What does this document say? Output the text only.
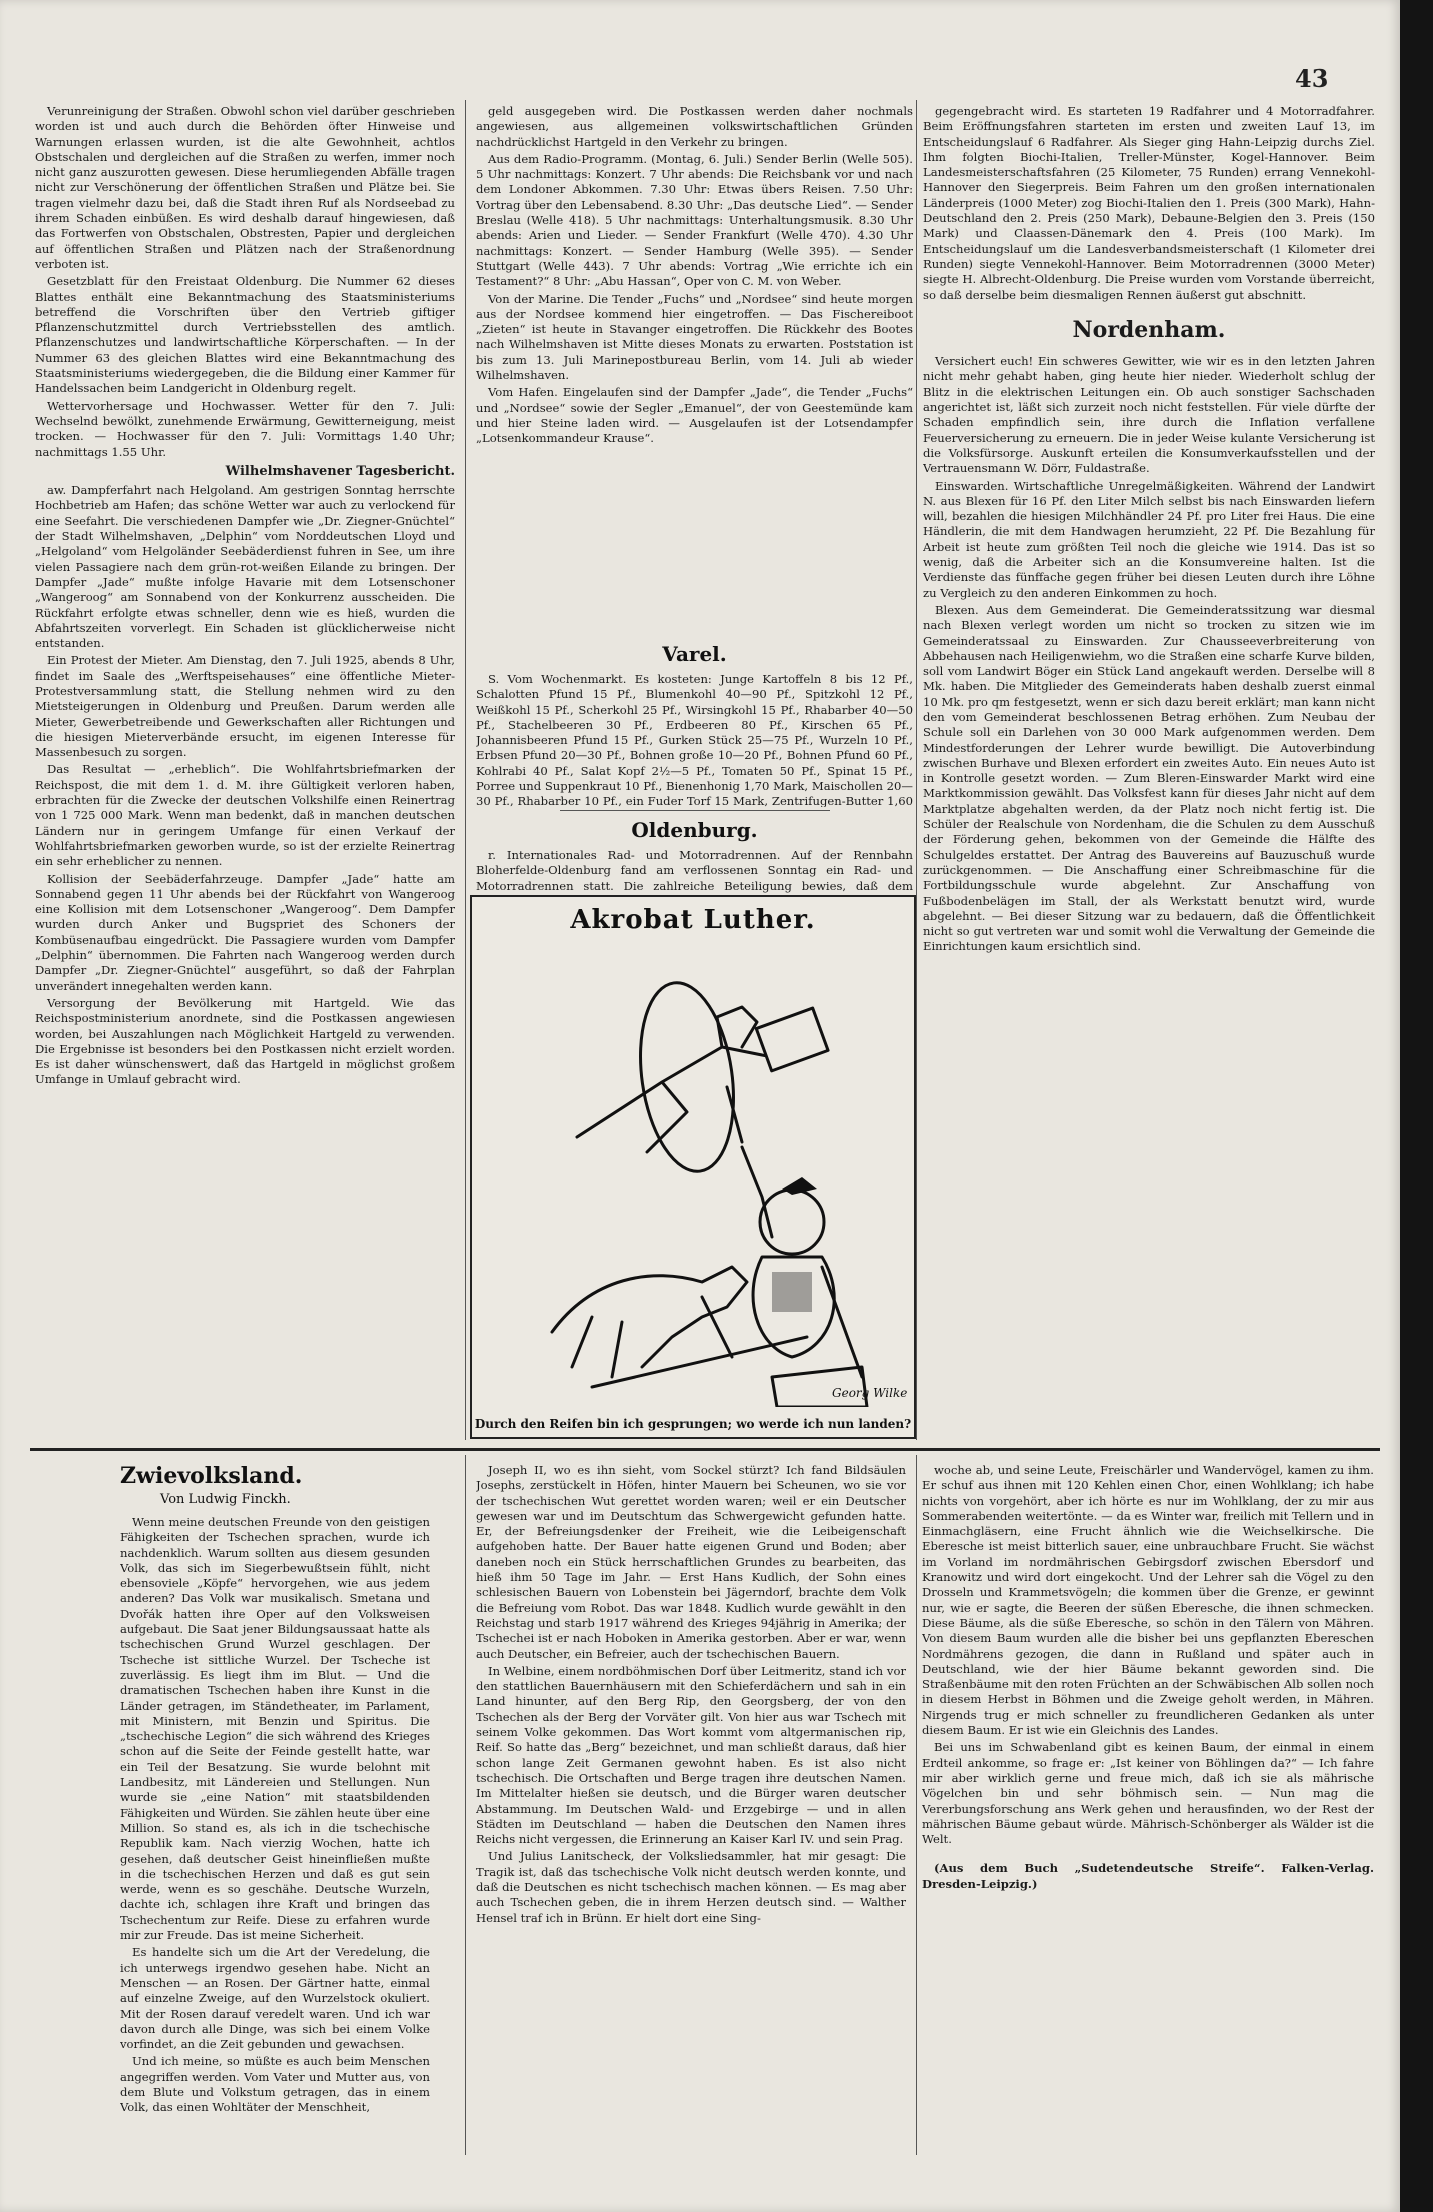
43

Verunreinigung der Straßen. Obwohl schon viel darüber geschrieben worden ist und auch durch die Behörden öfter Hinweise und Warnungen erlassen wurden, ist die alte Gewohnheit, achtlos Obstschalen und dergleichen auf die Straßen zu werfen, immer noch nicht ganz auszurotten gewesen. Diese herumliegenden Abfälle tragen nicht zur Verschönerung der öffentlichen Straßen und Plätze bei. Sie tragen vielmehr dazu bei, daß die Stadt ihren Ruf als Nordseebad zu ihrem Schaden einbüßen. Es wird deshalb darauf hingewiesen, daß das Fortwerfen von Obstschalen, Obstresten, Papier und dergleichen auf öffentlichen Straßen und Plätzen nach der Straßenordnung verboten ist.

Gesetzblatt für den Freistaat Oldenburg. Die Nummer 62 dieses Blattes enthält eine Bekanntmachung des Staatsministeriums betreffend die Vorschriften über den Vertrieb giftiger Pflanzenschutzmittel durch Vertriebsstellen des amtlich. Pflanzenschutzes und landwirtschaftliche Körperschaften. — In der Nummer 63 des gleichen Blattes wird eine Bekanntmachung des Staatsministeriums wiedergegeben, die die Bildung einer Kammer für Handelssachen beim Landgericht in Oldenburg regelt.

Wettervorhersage und Hochwasser. Wetter für den 7. Juli: Wechselnd bewölkt, zunehmende Erwärmung, Gewitterneigung, meist trocken. — Hochwasser für den 7. Juli: Vormittags 1.40 Uhr; nachmittags 1.55 Uhr.

Wilhelmshavener Tagesbericht.

aw. Dampferfahrt nach Helgoland. Am gestrigen Sonntag herrschte Hochbetrieb am Hafen; das schöne Wetter war auch zu verlockend für eine Seefahrt. Die verschiedenen Dampfer wie „Dr. Ziegner-Gnüchtel“ der Stadt Wilhelmshaven, „Delphin“ vom Norddeutschen Lloyd und „Helgoland“ vom Helgoländer Seebäderdienst fuhren in See, um ihre vielen Passagiere nach dem grün-rot-weißen Eilande zu bringen. Der Dampfer „Jade“ mußte infolge Havarie mit dem Lotsenschoner „Wangeroog“ am Sonnabend von der Konkurrenz ausscheiden. Die Rückfahrt erfolgte etwas schneller, denn wie es hieß, wurden die Abfahrtszeiten vorverlegt. Ein Schaden ist glücklicherweise nicht entstanden.

Ein Protest der Mieter. Am Dienstag, den 7. Juli 1925, abends 8 Uhr, findet im Saale des „Werftspeisehauses“ eine öffentliche Mieter-Protestversammlung statt, die Stellung nehmen wird zu den Mietsteigerungen in Oldenburg und Preußen. Darum werden alle Mieter, Gewerbetreibende und Gewerkschaften aller Richtungen und die hiesigen Mieterverbände ersucht, im eigenen Interesse für Massenbesuch zu sorgen.

Das Resultat — „erheblich“. Die Wohlfahrtsbriefmarken der Reichspost, die mit dem 1. d. M. ihre Gültigkeit verloren haben, erbrachten für die Zwecke der deutschen Volkshilfe einen Reinertrag von 1 725 000 Mark. Wenn man bedenkt, daß in manchen deutschen Ländern nur in geringem Umfange für einen Verkauf der Wohlfahrtsbriefmarken geworben wurde, so ist der erzielte Reinertrag ein sehr erheblicher zu nennen.

Kollision der Seebäderfahrzeuge. Dampfer „Jade“ hatte am Sonnabend gegen 11 Uhr abends bei der Rückfahrt von Wangeroog eine Kollision mit dem Lotsenschoner „Wangeroog“. Dem Dampfer wurden durch Anker und Bugspriet des Schoners der Kombüsenaufbau eingedrückt. Die Passagiere wurden vom Dampfer „Delphin“ übernommen. Die Fahrten nach Wangeroog werden durch Dampfer „Dr. Ziegner-Gnüchtel“ ausgeführt, so daß der Fahrplan unverändert innegehalten werden kann.

Versorgung der Bevölkerung mit Hartgeld. Wie das Reichspostministerium anordnete, sind die Postkassen angewiesen worden, bei Auszahlungen nach Möglichkeit Hartgeld zu verwenden. Die Ergebnisse ist besonders bei den Postkassen nicht erzielt worden. Es ist daher wünschenswert, daß das Hartgeld in möglichst großem Umfange in Umlauf gebracht wird.

geld ausgegeben wird. Die Postkassen werden daher nochmals angewiesen, aus allgemeinen volkswirtschaftlichen Gründen nachdrücklichst Hartgeld in den Verkehr zu bringen.

Aus dem Radio-Programm. (Montag, 6. Juli.) Sender Berlin (Welle 505). 5 Uhr nachmittags: Konzert. 7 Uhr abends: Die Reichsbank vor und nach dem Londoner Abkommen. 7.30 Uhr: Etwas übers Reisen. 7.50 Uhr: Vortrag über den Lebensabend. 8.30 Uhr: „Das deutsche Lied“. — Sender Breslau (Welle 418). 5 Uhr nachmittags: Unterhaltungsmusik. 8.30 Uhr abends: Arien und Lieder. — Sender Frankfurt (Welle 470). 4.30 Uhr nachmittags: Konzert. — Sender Hamburg (Welle 395). — Sender Stuttgart (Welle 443). 7 Uhr abends: Vortrag „Wie errichte ich ein Testament?“ 8 Uhr: „Abu Hassan“, Oper von C. M. von Weber.

Von der Marine. Die Tender „Fuchs“ und „Nordsee“ sind heute morgen aus der Nordsee kommend hier eingetroffen. — Das Fischereiboot „Zieten“ ist heute in Stavanger eingetroffen. Die Rückkehr des Bootes nach Wilhelmshaven ist Mitte dieses Monats zu erwarten. Poststation ist bis zum 13. Juli Marinepostbureau Berlin, vom 14. Juli ab wieder Wilhelmshaven.

Vom Hafen. Eingelaufen sind der Dampfer „Jade“, die Tender „Fuchs“ und „Nordsee“ sowie der Segler „Emanuel“, der von Geestemünde kam und hier Steine laden wird. — Ausgelaufen ist der Lotsendampfer „Lotsenkommandeur Krause“.

Varel.

S. Vom Wochenmarkt. Es kosteten: Junge Kartoffeln 8 bis 12 Pf., Schalotten Pfund 15 Pf., Blumenkohl 40—90 Pf., Spitzkohl 12 Pf., Weißkohl 15 Pf., Scherkohl 25 Pf., Wirsingkohl 15 Pf., Rhabarber 40—50 Pf., Stachelbeeren 30 Pf., Erdbeeren 80 Pf., Kirschen 65 Pf., Johannisbeeren Pfund 15 Pf., Gurken Stück 25—75 Pf., Wurzeln 10 Pf., Erbsen Pfund 20—30 Pf., Bohnen große 10—20 Pf., Bohnen Pfund 60 Pf., Kohlrabi 40 Pf., Salat Kopf 2½—5 Pf., Tomaten 50 Pf., Spinat 15 Pf., Porree und Suppenkraut 10 Pf., Bienenhonig 1,70 Mark, Maischollen 20—30 Pf., Rhabarber 10 Pf., ein Fuder Torf 15 Mark, Zentrifugen-Butter 1,60

Oldenburg.

r. Internationales Rad- und Motorradrennen. Auf der Rennbahn Bloherfelde-Oldenburg fand am verflossenen Sonntag ein Rad- und Motorradrennen statt. Die zahlreiche Beteiligung bewies, daß dem

Akrobat Luther.
Georg Wilke
Durch den Reifen bin ich gesprungen; wo werde ich nun landen?

gegengebracht wird. Es starteten 19 Radfahrer und 4 Motorradfahrer. Beim Eröffnungsfahren starteten im ersten und zweiten Lauf 13, im Entscheidungslauf 6 Radfahrer. Als Sieger ging Hahn-Leipzig durchs Ziel. Ihm folgten Biochi-Italien, Treller-Münster, Kogel-Hannover. Beim Landesmeisterschaftsfahren (25 Kilometer, 75 Runden) errang Vennekohl-Hannover den Siegerpreis. Beim Fahren um den großen internationalen Länderpreis (1000 Meter) zog Biochi-Italien den 1. Preis (300 Mark), Hahn-Deutschland den 2. Preis (250 Mark), Debaune-Belgien den 3. Preis (150 Mark) und Claassen-Dänemark den 4. Preis (100 Mark). Im Entscheidungslauf um die Landesverbandsmeisterschaft (1 Kilometer drei Runden) siegte Vennekohl-Hannover. Beim Motorradrennen (3000 Meter) siegte H. Albrecht-Oldenburg. Die Preise wurden vom Vorstande überreicht, so daß derselbe beim diesmaligen Rennen äußerst gut abschnitt.

Nordenham.

Versichert euch! Ein schweres Gewitter, wie wir es in den letzten Jahren nicht mehr gehabt haben, ging heute hier nieder. Wiederholt schlug der Blitz in die elektrischen Leitungen ein. Ob auch sonstiger Sachschaden angerichtet ist, läßt sich zurzeit noch nicht feststellen. Für viele dürfte der Schaden empfindlich sein, ihre durch die Inflation verfallene Feuerversicherung zu erneuern. Die in jeder Weise kulante Versicherung ist die Volksfürsorge. Auskunft erteilen die Konsumverkaufsstellen und der Vertrauensmann W. Dörr, Fuldastraße.

Einswarden. Wirtschaftliche Unregelmäßigkeiten. Während der Landwirt N. aus Blexen für 16 Pf. den Liter Milch selbst bis nach Einswarden liefern will, bezahlen die hiesigen Milchhändler 24 Pf. pro Liter frei Haus. Die eine Händlerin, die mit dem Handwagen herumzieht, 22 Pf. Die Bezahlung für Arbeit ist heute zum größten Teil noch die gleiche wie 1914. Das ist so wenig, daß die Arbeiter sich an die Konsumvereine halten. Ist die Verdienste das fünffache gegen früher bei diesen Leuten durch ihre Löhne zu Vergleich zu den anderen Einkommen zu hoch.

Blexen. Aus dem Gemeinderat. Die Gemeinderatssitzung war diesmal nach Blexen verlegt worden um nicht so trocken zu sitzen wie im Gemeinderatssaal zu Einswarden. Zur Chausseeverbreiterung von Abbehausen nach Heiligenwiehm, wo die Straßen eine scharfe Kurve bilden, soll vom Landwirt Böger ein Stück Land angekauft werden. Derselbe will 8 Mk. haben. Die Mitglieder des Gemeinderats haben deshalb zuerst einmal 10 Mk. pro qm festgesetzt, wenn er sich dazu bereit erklärt; man kann nicht den vom Gemeinderat beschlossenen Betrag erhöhen. Zum Neubau der Schule soll ein Darlehen von 30 000 Mark aufgenommen werden. Dem Mindestforderungen der Lehrer wurde bewilligt. Die Autoverbindung zwischen Burhave und Blexen erfordert ein zweites Auto. Ein neues Auto ist in Kontrolle gesetzt worden. — Zum Bleren-Einswarder Markt wird eine Marktkommission gewählt. Das Volksfest kann für dieses Jahr nicht auf dem Marktplatze abgehalten werden, da der Platz noch nicht fertig ist. Die Schüler der Realschule von Nordenham, die die Schulen zu dem Ausschuß der Förderung gehen, bekommen von der Gemeinde die Hälfte des Schulgeldes erstattet. Der Antrag des Bauvereins auf Bauzuschuß wurde zurückgenommen. — Die Anschaffung einer Schreibmaschine für die Fortbildungsschule wurde abgelehnt. Zur Anschaffung von Fußbodenbelägen im Stall, der als Werkstatt benutzt wird, wurde abgelehnt. — Bei dieser Sitzung war zu bedauern, daß die Öffentlichkeit nicht so gut vertreten war und somit wohl die Verwaltung der Gemeinde die Einrichtungen kaum ersichtlich sind.

Zwievolksland.
Von Ludwig Finckh.

Wenn meine deutschen Freunde von den geistigen Fähigkeiten der Tschechen sprachen, wurde ich nachdenklich. Warum sollten aus diesem gesunden Volk, das sich im Siegerbewußtsein fühlt, nicht ebensoviele „Köpfe“ hervorgehen, wie aus jedem anderen? Das Volk war musikalisch. Smetana und Dvořák hatten ihre Oper auf den Volksweisen aufgebaut. Die Saat jener Bildungsaussaat hatte als tschechischen Grund Wurzel geschlagen. Der Tscheche ist sittliche Wurzel. Der Tscheche ist zuverlässig. Es liegt ihm im Blut. — Und die dramatischen Tschechen haben ihre Kunst in die Länder getragen, im Ständetheater, im Parlament, mit Ministern, mit Benzin und Spiritus. Die „tschechische Legion“ die sich während des Krieges schon auf die Seite der Feinde gestellt hatte, war ein Teil der Besatzung. Sie wurde belohnt mit Landbesitz, mit Ländereien und Stellungen. Nun wurde sie „eine Nation“ mit staatsbildenden Fähigkeiten und Würden. Sie zählen heute über eine Million. So stand es, als ich in die tschechische Republik kam. Nach vierzig Wochen, hatte ich gesehen, daß deutscher Geist hineinfließen mußte in die tschechischen Herzen und daß es gut sein werde, wenn es so geschähe. Deutsche Wurzeln, dachte ich, schlagen ihre Kraft und bringen das Tschechentum zur Reife. Diese zu erfahren wurde mir zur Freude. Das ist meine Sicherheit.

Es handelte sich um die Art der Veredelung, die ich unterwegs irgendwo gesehen habe. Nicht an Menschen — an Rosen. Der Gärtner hatte, einmal auf einzelne Zweige, auf den Wurzelstock okuliert. Mit der Rosen darauf veredelt waren. Und ich war davon durch alle Dinge, was sich bei einem Volke vorfindet, an die Zeit gebunden und gewachsen.

Und ich meine, so müßte es auch beim Menschen angegriffen werden. Vom Vater und Mutter aus, von dem Blute und Volkstum getragen, das in einem Volk, das einen Wohltäter der Menschheit,

Joseph II, wo es ihn sieht, vom Sockel stürzt? Ich fand Bildsäulen Josephs, zerstückelt in Höfen, hinter Mauern bei Scheunen, wo sie vor der tschechischen Wut gerettet worden waren; weil er ein Deutscher gewesen war und im Deutschtum das Schwergewicht gefunden hatte. Er, der Befreiungsdenker der Freiheit, wie die Leibeigenschaft aufgehoben hatte. Der Bauer hatte eigenen Grund und Boden; aber daneben noch ein Stück herrschaftlichen Grundes zu bearbeiten, das hieß ihm 50 Tage im Jahr. — Erst Hans Kudlich, der Sohn eines schlesischen Bauern von Lobenstein bei Jägerndorf, brachte dem Volk die Befreiung vom Robot. Das war 1848. Kudlich wurde gewählt in den Reichstag und starb 1917 während des Krieges 94jährig in Amerika; der Tschechei ist er nach Hoboken in Amerika gestorben. Aber er war, wenn auch Deutscher, ein Befreier, auch der tschechischen Bauern.

In Welbine, einem nordböhmischen Dorf über Leitmeritz, stand ich vor den stattlichen Bauernhäusern mit den Schieferdächern und sah in ein Land hinunter, auf den Berg Rip, den Georgsberg, der von den Tschechen als der Berg der Vorväter gilt. Von hier aus war Tschech mit seinem Volke gekommen. Das Wort kommt vom altgermanischen rip, Reif. So hatte das „Berg“ bezeichnet, und man schließt daraus, daß hier schon lange Zeit Germanen gewohnt haben. Es ist also nicht tschechisch. Die Ortschaften und Berge tragen ihre deutschen Namen. Im Mittelalter hießen sie deutsch, und die Bürger waren deutscher Abstammung. Im Deutschen Wald- und Erzgebirge — und in allen Städten im Deutschland — haben die Deutschen den Namen ihres Reichs nicht vergessen, die Erinnerung an Kaiser Karl IV. und sein Prag.

Und Julius Lanitscheck, der Volksliedsammler, hat mir gesagt: Die Tragik ist, daß das tschechische Volk nicht deutsch werden konnte, und daß die Deutschen es nicht tschechisch machen können. — Es mag aber auch Tschechen geben, die in ihrem Herzen deutsch sind. — Walther Hensel traf ich in Brünn. Er hielt dort eine Sing-

woche ab, und seine Leute, Freischärler und Wandervögel, kamen zu ihm. Er schuf aus ihnen mit 120 Kehlen einen Chor, einen Wohlklang; ich habe nichts von vorgehört, aber ich hörte es nur im Wohlklang, der zu mir aus Sommerabenden weitertönte. — da es Winter war, freilich mit Tellern und in Einmachgläsern, eine Frucht ähnlich wie die Weichselkirsche. Die Eberesche ist meist bitterlich sauer, eine unbrauchbare Frucht. Sie wächst im Vorland im nordmährischen Gebirgsdorf zwischen Ebersdorf und Kranowitz und wird dort eingekocht. Und der Lehrer sah die Vögel zu den Drosseln und Krammetsvögeln; die kommen über die Grenze, er gewinnt nur, wie er sagte, die Beeren der süßen Eberesche, die ihnen schmecken. Diese Bäume, als die süße Eberesche, so schön in den Tälern von Mähren. Von diesem Baum wurden alle die bisher bei uns gepflanzten Ebereschen Nordmährens gezogen, die dann in Rußland und später auch in Deutschland, wie der hier Bäume bekannt geworden sind. Die Straßenbäume mit den roten Früchten an der Schwäbischen Alb sollen noch in diesem Herbst in Böhmen und die Zweige geholt werden, in Mähren. Nirgends trug er mich schneller zu freundlicheren Gedanken als unter diesem Baum. Er ist wie ein Gleichnis des Landes.

Bei uns im Schwabenland gibt es keinen Baum, der einmal in einem Erdteil ankomme, so frage er: „Ist keiner von Böhlingen da?“ — Ich fahre mir aber wirklich gerne und freue mich, daß ich sie als mährische Vögelchen bin und sehr böhmisch sein. — Nun mag die Vererbungsforschung ans Werk gehen und herausfinden, wo der Rest der mährischen Bäume gebaut würde. Mährisch-Schönberger als Wälder ist die Welt.

(Aus dem Buch „Sudetendeutsche Streife“. Falken-Verlag. Dresden-Leipzig.)
